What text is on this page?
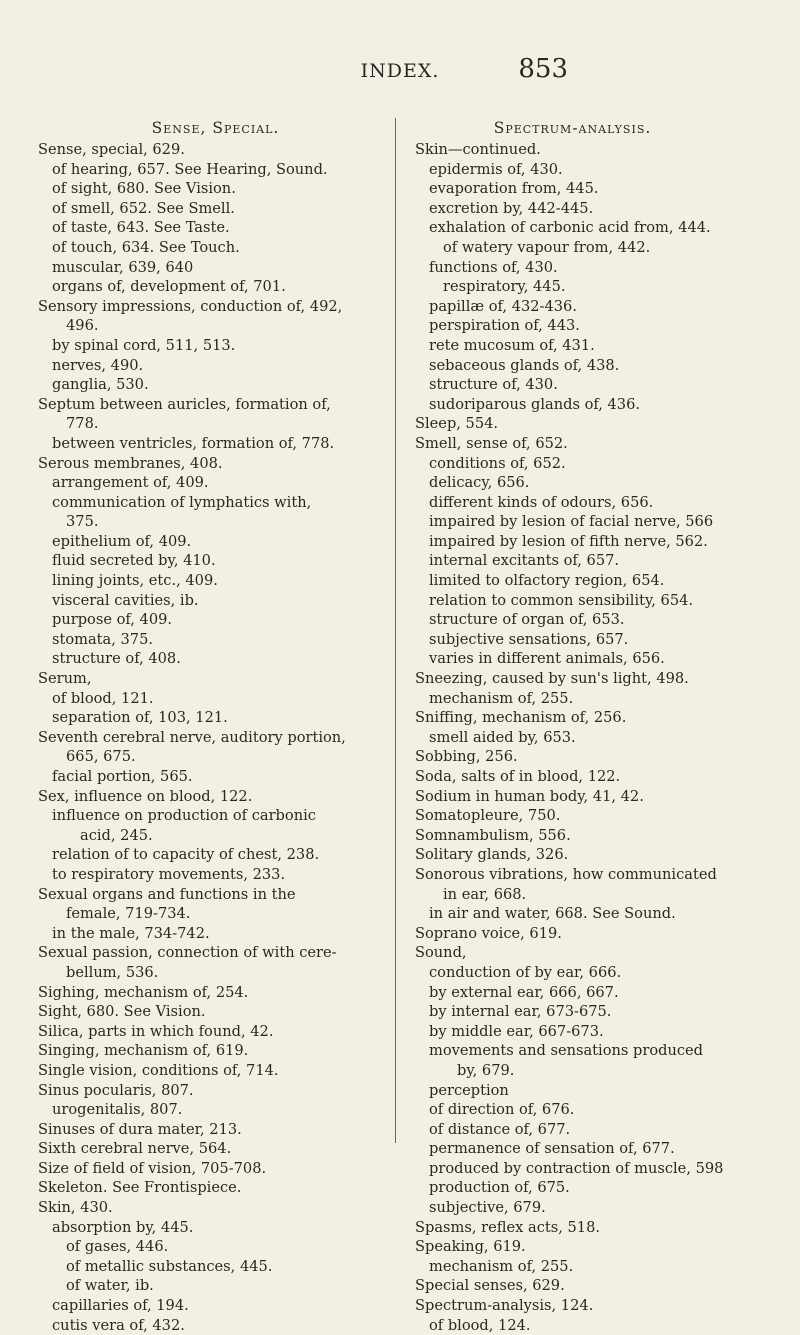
INDEX.	853
Sense, Special.
Sense, special, 629.
of hearing, 657. See Hearing, Sound.
of sight, 680. See Vision.
of smell, 652. See Smell.
of taste, 643. See Taste.
of touch, 634. See Touch.
muscular, 639, 640
organs of, development of, 701.
Sensory impressions, conduction of, 492,
496.
by spinal cord, 511, 513.
nerves, 490.
ganglia, 530.
Septum between auricles, formation of,
778.
between ventricles, formation of, 778.
Serous membranes, 408.
arrangement of, 409.
communication of lymphatics with,
375.
epithelium of, 409.
fluid secreted by, 410.
lining joints, etc., 409.
visceral cavities, ib.
purpose of, 409.
stomata, 375.
structure of, 408.
Serum,
of blood, 121.
separation of, 103, 121.
Seventh cerebral nerve, auditory portion,
665, 675.
facial portion, 565.
Sex, influence on blood, 122.
influence on production of carbonic
acid, 245.
relation of to capacity of chest, 238.
to respiratory movements, 233.
Sexual organs and functions in the
female, 719-734.
in the male, 734-742.
Sexual passion, connection of with cere-
bellum, 536.
Sighing, mechanism of, 254.
Sight, 680. See Vision.
Silica, parts in which found, 42.
Singing, mechanism of, 619.
Single vision, conditions of, 714.
Sinus pocularis, 807.
urogenitalis, 807.
Sinuses of dura mater, 213.
Sixth cerebral nerve, 564.
Size of field of vision, 705-708.
Skeleton. See Frontispiece.
Skin, 430.
absorption by, 445.
of gases, 446.
of metallic substances, 445.
of water, ib.
capillaries of, 194.
cutis vera of, 432.
Spectrum-analysis.
Skin—continued.
epidermis of, 430.
evaporation from, 445.
excretion by, 442-445.
exhalation of carbonic acid from, 444.
of watery vapour from, 442.
functions of, 430.
respiratory, 445.
papillæ of, 432-436.
perspiration of, 443.
rete mucosum of, 431.
sebaceous glands of, 438.
structure of, 430.
sudoriparous glands of, 436.
Sleep, 554.
Smell, sense of, 652.
conditions of, 652.
delicacy, 656.
different kinds of odours, 656.
impaired by lesion of facial nerve, 566
impaired by lesion of fifth nerve, 562.
internal excitants of, 657.
limited to olfactory region, 654.
relation to common sensibility, 654.
structure of organ of, 653.
subjective sensations, 657.
varies in different animals, 656.
Sneezing, caused by sun's light, 498.
mechanism of, 255.
Sniffing, mechanism of, 256.
smell aided by, 653.
Sobbing, 256.
Soda, salts of in blood, 122.
Sodium in human body, 41, 42.
Somatopleure, 750.
Somnambulism, 556.
Solitary glands, 326.
Sonorous vibrations, how communicated
in ear, 668.
in air and water, 668. See Sound.
Soprano voice, 619.
Sound,
conduction of by ear, 666.
by external ear, 666, 667.
by internal ear, 673-675.
by middle ear, 667-673.
movements and sensations produced
by, 679.
perception
of direction of, 676.
of distance of, 677.
permanence of sensation of, 677.
produced by contraction of muscle, 598
production of, 675.
subjective, 679.
Spasms, reflex acts, 518.
Speaking, 619.
mechanism of, 255.
Special senses, 629.
Spectrum-analysis, 124.
of blood, 124.
